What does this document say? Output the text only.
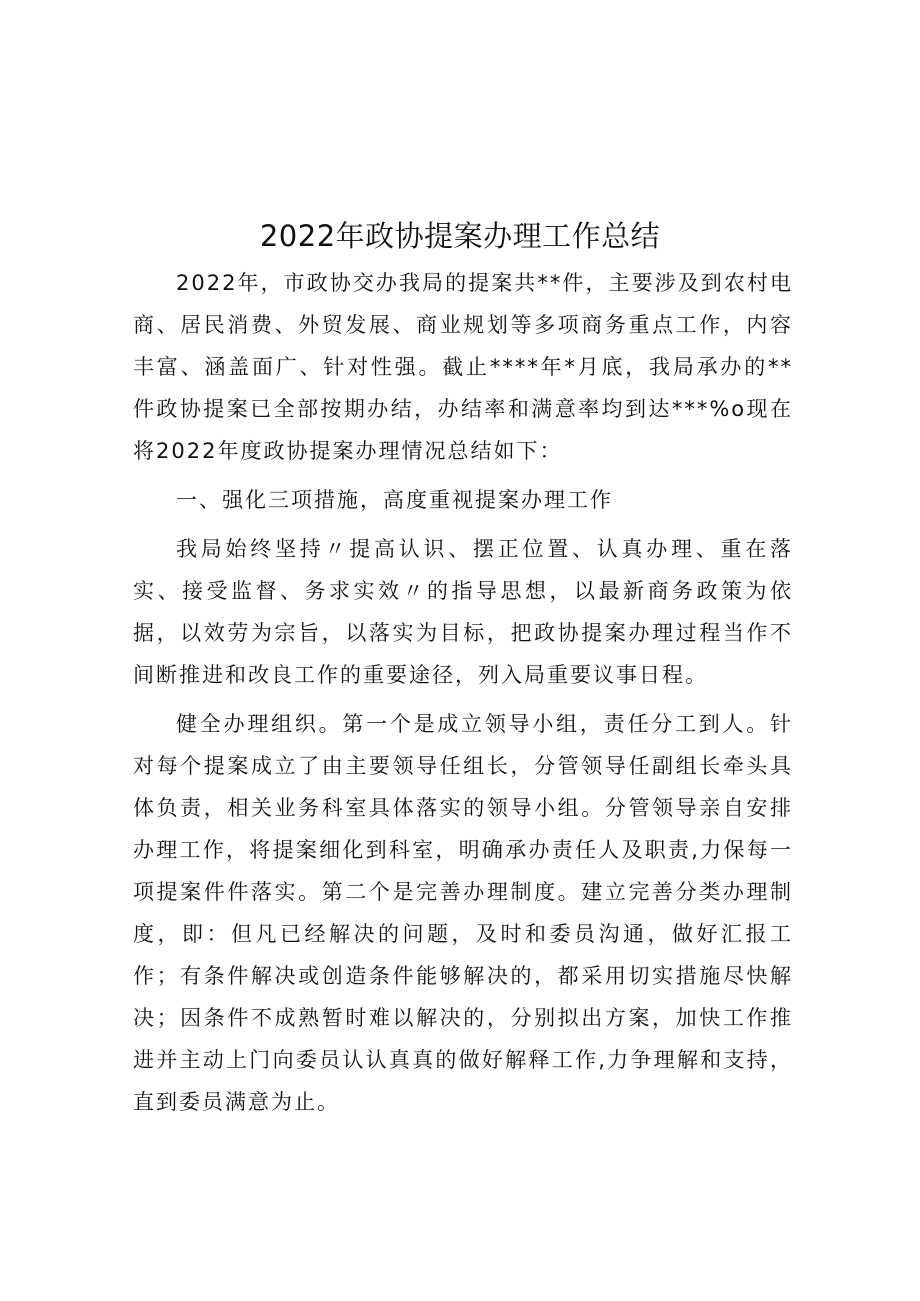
2022年政协提案办理工作总结

2022年，市政协交办我局的提案共**件，主要涉及到农村电商、居民消费、外贸发展、商业规划等多项商务重点工作，内容丰富、涵盖面广、针对性强。截止****年*月底，我局承办的**件政协提案已全部按期办结，办结率和满意率均到达***%o现在将2022年度政协提案办理情况总结如下：

一、强化三项措施，高度重视提案办理工作

我局始终坚持〃提高认识、摆正位置、认真办理、重在落实、接受监督、务求实效〃的指导思想，以最新商务政策为依据，以效劳为宗旨，以落实为目标，把政协提案办理过程当作不间断推进和改良工作的重要途径，列入局重要议事日程。

健全办理组织。第一个是成立领导小组，责任分工到人。针对每个提案成立了由主要领导任组长，分管领导任副组长牵头具体负责，相关业务科室具体落实的领导小组。分管领导亲自安排办理工作，将提案细化到科室，明确承办责任人及职责,力保每一项提案件件落实。第二个是完善办理制度。建立完善分类办理制度，即：但凡已经解决的问题，及时和委员沟通，做好汇报工作；有条件解决或创造条件能够解决的，都采用切实措施尽快解决；因条件不成熟暂时难以解决的，分别拟出方案，加快工作推进并主动上门向委员认认真真的做好解释工作,力争理解和支持，直到委员满意为止。
